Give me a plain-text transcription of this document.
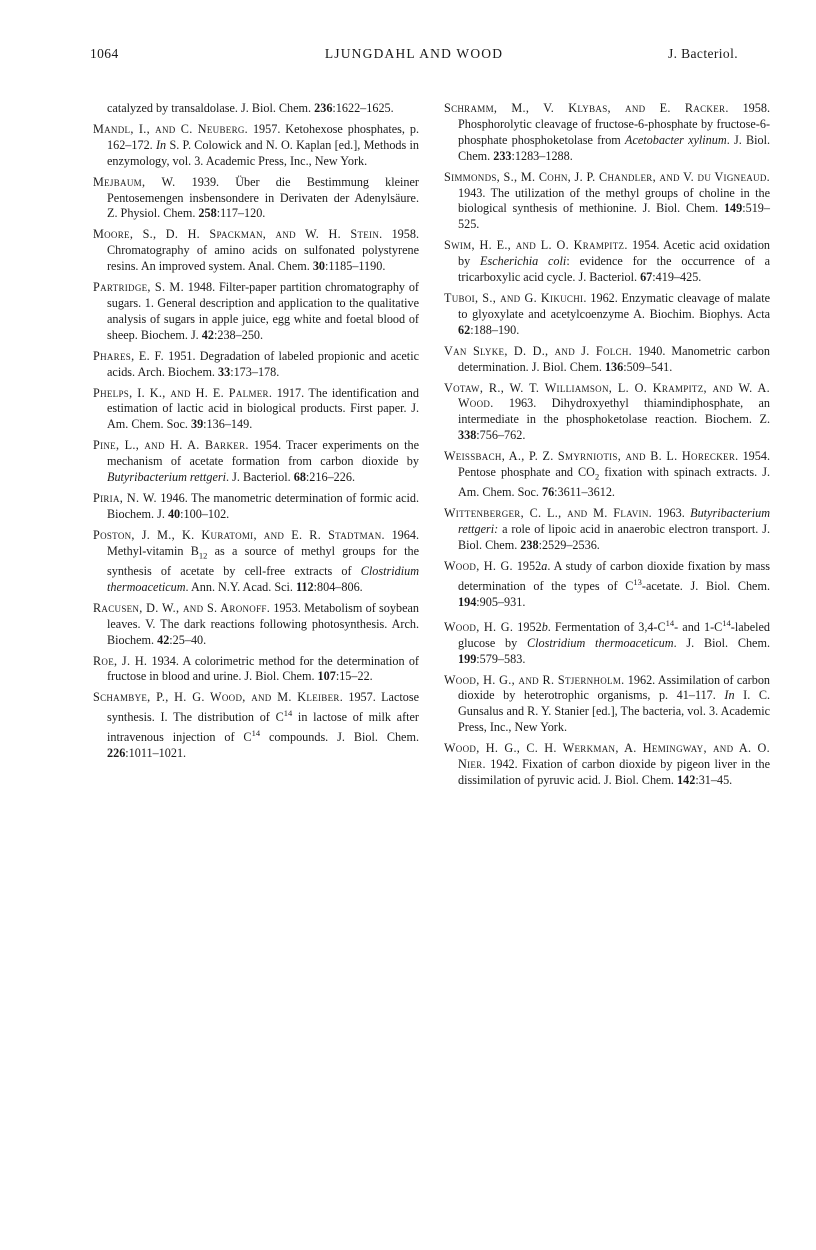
1064	LJUNGDAHL AND WOOD	J. Bacteriol.

catalyzed by transaldolase. J. Biol. Chem. 236:1622–1625.

Mandl, I., and C. Neuberg. 1957. Ketohexose phosphates, p. 162–172. In S. P. Colowick and N. O. Kaplan [ed.], Methods in enzymology, vol. 3. Academic Press, Inc., New York.

Mejbaum, W. 1939. Über die Bestimmung kleiner Pentosemengen insbensondere in Derivaten der Adenylsäure. Z. Physiol. Chem. 258:117–120.

Moore, S., D. H. Spackman, and W. H. Stein. 1958. Chromatography of amino acids on sulfonated polystyrene resins. An improved system. Anal. Chem. 30:1185–1190.

Partridge, S. M. 1948. Filter-paper partition chromatography of sugars. 1. General description and application to the qualitative analysis of sugars in apple juice, egg white and foetal blood of sheep. Biochem. J. 42:238–250.

Phares, E. F. 1951. Degradation of labeled propionic and acetic acids. Arch. Biochem. 33:173–178.

Phelps, I. K., and H. E. Palmer. 1917. The identification and estimation of lactic acid in biological products. First paper. J. Am. Chem. Soc. 39:136–149.

Pine, L., and H. A. Barker. 1954. Tracer experiments on the mechanism of acetate formation from carbon dioxide by Butyribacterium rettgeri. J. Bacteriol. 68:216–226.

Piria, N. W. 1946. The manometric determination of formic acid. Biochem. J. 40:100–102.

Poston, J. M., K. Kuratomi, and E. R. Stadtman. 1964. Methyl-vitamin $B_{12}$ as a source of methyl groups for the synthesis of acetate by cell-free extracts of Clostridium thermoaceticum. Ann. N.Y. Acad. Sci. 112:804–806.

Racusen, D. W., and S. Aronoff. 1953. Metabolism of soybean leaves. V. The dark reactions following photosynthesis. Arch. Biochem. 42:25–40.

Roe, J. H. 1934. A colorimetric method for the determination of fructose in blood and urine. J. Biol. Chem. 107:15–22.

Schambye, P., H. G. Wood, and M. Kleiber. 1957. Lactose synthesis. I. The distribution of $C^{14}$ in lactose of milk after intravenous injection of $C^{14}$ compounds. J. Biol. Chem. 226:1011–1021.

Schramm, M., V. Klybas, and E. Racker. 1958. Phosphorolytic cleavage of fructose-6-phosphate by fructose-6-phosphate phosphoketolase from Acetobacter xylinum. J. Biol. Chem. 233:1283–1288.

Simmonds, S., M. Cohn, J. P. Chandler, and V. du Vigneaud. 1943. The utilization of the methyl groups of choline in the biological synthesis of methionine. J. Biol. Chem. 149:519–525.

Swim, H. E., and L. O. Krampitz. 1954. Acetic acid oxidation by Escherichia coli: evidence for the occurrence of a tricarboxylic acid cycle. J. Bacteriol. 67:419–425.

Tuboi, S., and G. Kikuchi. 1962. Enzymatic cleavage of malate to glyoxylate and acetylcoenzyme A. Biochim. Biophys. Acta 62:188–190.

Van Slyke, D. D., and J. Folch. 1940. Manometric carbon determination. J. Biol. Chem. 136:509–541.

Votaw, R., W. T. Williamson, L. O. Krampitz, and W. A. Wood. 1963. Dihydroxyethyl thiamindiphosphate, an intermediate in the phosphoketolase reaction. Biochem. Z. 338:756–762.

Weissbach, A., P. Z. Smyrniotis, and B. L. Horecker. 1954. Pentose phosphate and $CO_2$ fixation with spinach extracts. J. Am. Chem. Soc. 76:3611–3612.

Wittenberger, C. L., and M. Flavin. 1963. Butyribacterium rettgeri: a role of lipoic acid in anaerobic electron transport. J. Biol. Chem. 238:2529–2536.

Wood, H. G. 1952a. A study of carbon dioxide fixation by mass determination of the types of $C^{13}$-acetate. J. Biol. Chem. 194:905–931.

Wood, H. G. 1952b. Fermentation of $3,4-C^{14}-$ and $1-C^{14}$-labeled glucose by Clostridium thermoaceticum. J. Biol. Chem. 199:579–583.

Wood, H. G., and R. Stjernholm. 1962. Assimilation of carbon dioxide by heterotrophic organisms, p. 41–117. In I. C. Gunsalus and R. Y. Stanier [ed.], The bacteria, vol. 3. Academic Press, Inc., New York.

Wood, H. G., C. H. Werkman, A. Hemingway, and A. O. Nier. 1942. Fixation of carbon dioxide by pigeon liver in the dissimilation of pyruvic acid. J. Biol. Chem. 142:31–45.
